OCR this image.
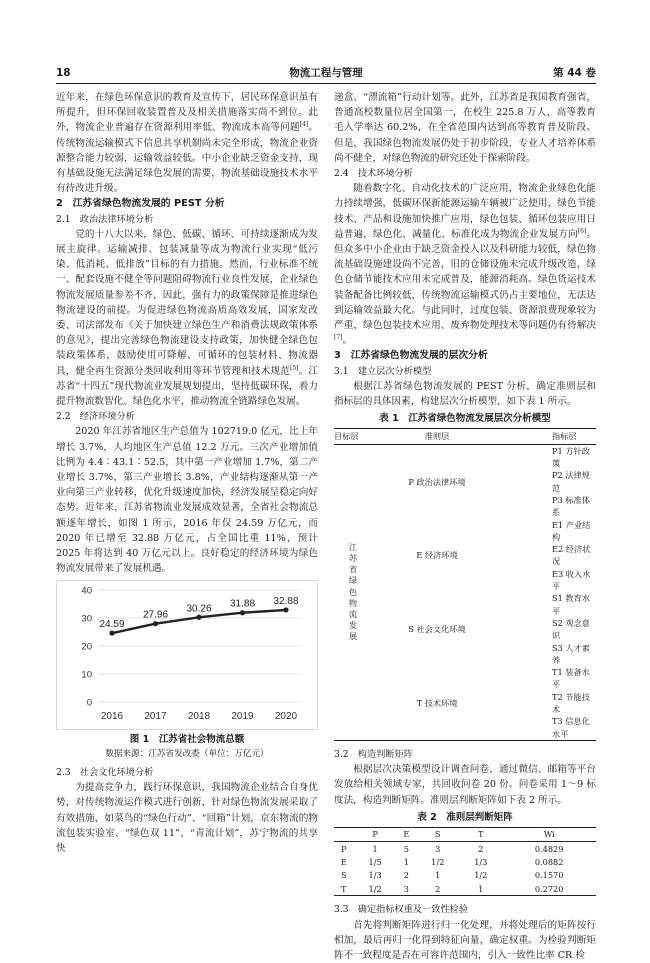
18	物流工程与管理	第 44 卷

近年来，在绿色环保意识的教育及宣传下，居民环保意识虽有所提升，但环保回收装置普及及相关措施落实尚不到位。此外，物流企业普遍存在资源利用率低、物流成本高等问题[4]。传统物流运输模式下信息共享机制尚未完全形成，物流企业资源整合能力较弱，运输效益较低。中小企业缺乏资金支持，现有基础设施无法满足绿色发展的需要，物流基础设施技术水平有待改进升级。

2　江苏省绿色物流发展的 PEST 分析
2.1　政治法律环境分析

党的十八大以来，绿色、低碳、循环、可持续逐渐成为发展主旋律。运输减排、包装减量等成为物流行业实现“低污染、低消耗、低排放”目标的有力措施。然而，行业标准不统一、配套设施不健全等问题阻碍物流行业良性发展，企业绿色物流发展质量参差不齐，因此，强有力的政策保障是推进绿色物流建设的前提。为促进绿色物流高质高效发展，国家发改委、司法部发布《关于加快建立绿色生产和消费法规政策体系的意见》，提出完善绿色物流建设支持政策，加快健全绿色包装政策体系，鼓励使用可降解、可循环的包装材料、物流器具，健全再生资源分类回收利用等环节管理和技术规范[5]。江苏省“十四五”现代物流业发展规划提出，坚持低碳环保，着力提升物流数智化、绿色化水平，推动物流全链路绿色发展。

2.2　经济环境分析

2020 年江苏省地区生产总值为 102719.0 亿元，比上年增长 3.7%，人均地区生产总值 12.2 万元。三次产业增加值比例为 4.4∶43.1∶52.5，其中第一产业增加 1.7%，第二产业增长 3.7%，第三产业增长 3.8%，产业结构逐渐从第一产业向第三产业转移，优化升级速度加快，经济发展呈稳定向好态势。近年来，江苏省物流业发展成效显著，全省社会物流总额逐年增长，如图 1 所示，2016 年仅 24.59 万亿元，而 2020 年已增至 32.88 万亿元，占全国比重 11%，预计 2025 年将达到 40 万亿元以上。良好稳定的经济环境为绿色物流发展带来了发展机遇。

0
10
20
30
40
24.59
27.96
30.26 31.88 32.88
2016 2017 2018 2019 2020
图 1　江苏省社会物流总额
数据来源：江苏省发改委（单位：万亿元）
2.3　社会文化环境分析

为提高竞争力，践行环保意识，我国物流企业结合自身优势，对传统物流运作模式进行创新，针对绿色物流发展采取了有效措施，如菜鸟的“绿色行动”、“回箱”计划，京东物流的物流包装实验室、“绿色双 11”、“青流计划”，苏宁物流的共享快

递盒、“漂流箱”行动计划等。此外，江苏省是我国教育强省，普通高校数量位居全国第一，在校生 225.8 万人，高等教育毛入学率达 60.2%，在全省范围内达到高等教育普及阶段。但是，我国绿色物流发展仍处于初步阶段，专业人才培养体系尚不健全，对绿色物流的研究还处于探索阶段。

2.4　技术环境分析

随着数字化、自动化技术的广泛应用，物流企业绿色化能力持续增强，低碳环保新能源运输车辆被广泛使用，绿色节能技术、产品和设施加快推广应用，绿色包装、循环包装应用日益普遍，绿色化、减量化、标准化成为物流企业发展方向[6]。但众多中小企业由于缺乏资金投入以及科研能力较低，绿色物流基础设施建设尚不完善，旧的仓储设施未完成升级改造，绿色仓储节能技术应用未完成普及，能源消耗高。绿色货运技术装备配备比例较低，传统物流运输模式仍占主要地位，无法达到运输效益最大化。与此同时，过度包装、资源浪费现象较为严重，绿色包装技术应用、废弃物处理技术等问题仍有待解决[7]。

3　江苏省绿色物流发展的层次分析
3.1　建立层次分析模型

根据江苏省绿色物流发展的 PEST 分析，确定准则层和指标层的具体因素，构建层次分析模型，如下表 1 所示。

表 1　江苏省绿色物流发展层次分析模型
目标层	准则层	指标层
江苏省绿色物流发展	P 政治法律环境	P1 方针政策
		P2 法律规范
		P3 标准体系
	E 经济环境	E1 产业结构
		E2 经济状况
		E3 收入水平
	S 社会文化环境	S1 教育水平
		S2 观念意识
		S3 人才素养
	T 技术环境	T1 装备水平
		T2 节能技术
		T3 信息化水平
3.2　构造判断矩阵

根据层次决策模型设计调查问卷，通过微信、邮箱等平台发放给相关领域专家，共回收问卷 20 份。问卷采用 1～9 标度法，构造判断矩阵。准则层判断矩阵如下表 2 所示。

表 2　准则层判断矩阵
	P	E	S	T	Wi
P	1	5	3	2	0.4829
E	1/5	1	1/2	1/3	0.0882
S	1/3	2	1	1/2	0.1570
T	1/2	3	2	1	0.2720
3.3　确定指标权重及一致性检验

首先将判断矩阵进行归一化处理，并将处理后的矩阵按行相加，最后再归一化得到特征向量，确定权重。为检验判断矩阵不一致程度是否在可容许范围内，引入一致性比率 CR 检
